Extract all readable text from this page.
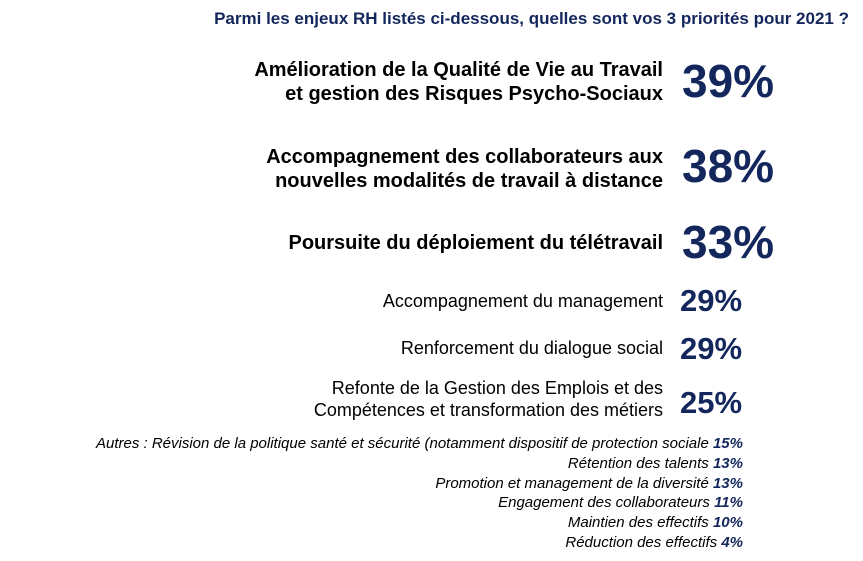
Parmi les enjeux RH listés ci-dessous, quelles sont vos 3 priorités pour 2021 ?
Amélioration de la Qualité de Vie au Travail
et gestion des Risques Psycho-Sociaux 39%
Accompagnement des collaborateurs aux
nouvelles modalités de travail à distance 38%
Poursuite du déploiement du télétravail 33%
Accompagnement du management 29%
Renforcement du dialogue social 29%
Refonte de la Gestion des Emplois et des
Compétences et transformation des métiers 25%
Autres : Révision de la politique santé et sécurité (notamment dispositif de protection sociale 15%
Rétention des talents 13%
Promotion et management de la diversité 13%
Engagement des collaborateurs 11%
Maintien des effectifs 10%
Réduction des effectifs 4%
